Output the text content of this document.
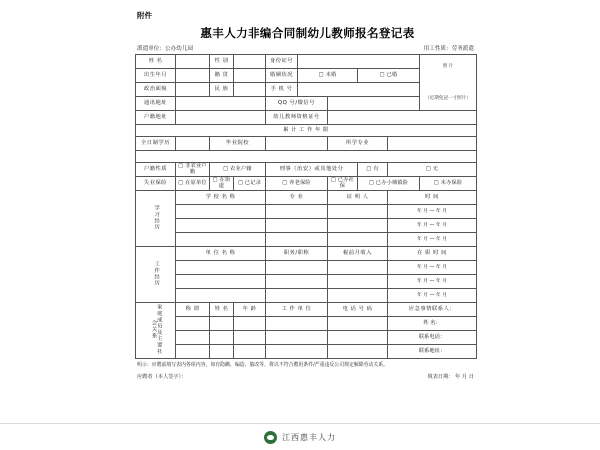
附件
惠丰人力非编合同制幼儿教师报名登记表
派遣单位：公办幼儿园	用工性质：劳务派遣
姓 名		性 别		身份证号					照 片
（近期免冠一寸照片）

出生年月		籍 贯		婚姻状况	□ 未婚		□ 已婚		
政治面貌		民 族		手 机 号					
通讯地址				QQ 号/微信号					
户籍地址				幼儿教师资格证号					
累 计 工 作 年 限									
全日制学历		毕业院校				所学专业			

户籍性质	□ 非农业户籍	□ 农业户籍		刑事（治安）或其他处分			□ 有	□ 无	
失业保险	□ 在原单位	□ 在街道	□ 已记录	□ 养老保险		□ 已办社保	□ 已办小城镇险		□ 未办保险
学习经历	学 校 名 称			专 业		证 明 人		时 间	
								年 月 — 年 月	
								年 月 — 年 月	
								年 月 — 年 月	
工作经历	单 位 名 称			职务/职称		税前月收入		在 职 时 间	
								年 月 — 年 月	
								年 月 — 年 月	
								年 月 — 年 月	
家庭成员及主要社会关系	称 谓	姓 名	年 龄	工 作 单 位		电 话 号 码		应急事情联系人：	
								姓 名：	
								联系电话：	
								联系地址：	
明示：应聘前填写表内各项内容，如有隐瞒、编造、篡改等，将以不符合聘用条件/严重违反公司规定解除劳动关系。
应聘者（本人签字）：	填表日期： 年 月 日
江西惠丰人力
